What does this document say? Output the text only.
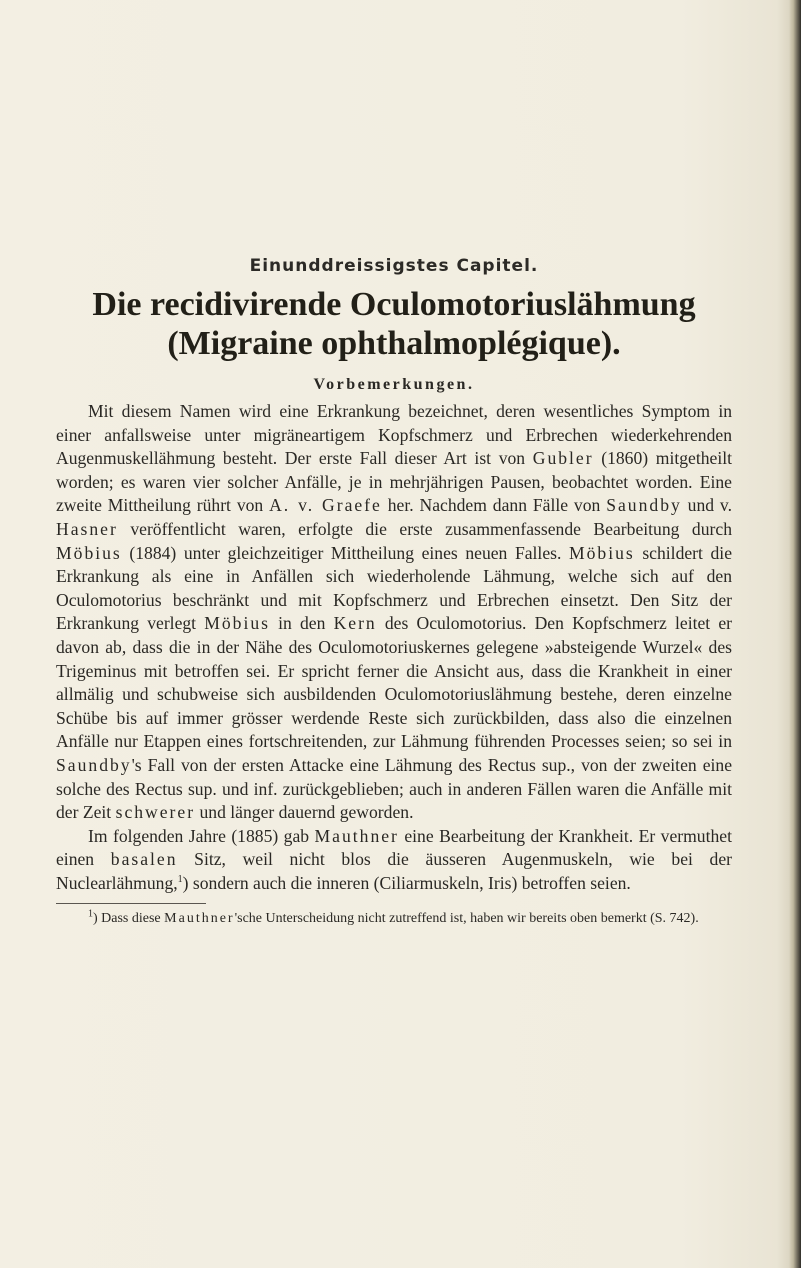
Einunddreissigstes Capitel.
Die recidivirende Oculomotoriuslähmung
(Migraine ophthalmoplégique).
Vorbemerkungen.

Mit diesem Namen wird eine Erkrankung bezeichnet, deren wesentliches Symptom in einer anfallsweise unter migräneartigem Kopfschmerz und Erbrechen wiederkehrenden Augenmuskellähmung besteht. Der erste Fall dieser Art ist von Gubler (1860) mitgetheilt worden; es waren vier solcher Anfälle, je in mehrjährigen Pausen, beobachtet worden. Eine zweite Mittheilung rührt von A. v. Graefe her. Nachdem dann Fälle von Saundby und v. Hasner veröffentlicht waren, erfolgte die erste zusammenfassende Bearbeitung durch Möbius (1884) unter gleichzeitiger Mittheilung eines neuen Falles. Möbius schildert die Erkrankung als eine in Anfällen sich wiederholende Lähmung, welche sich auf den Oculomotorius beschränkt und mit Kopfschmerz und Erbrechen einsetzt. Den Sitz der Erkrankung verlegt Möbius in den Kern des Oculomotorius. Den Kopfschmerz leitet er davon ab, dass die in der Nähe des Oculomotoriuskernes gelegene »absteigende Wurzel« des Trigeminus mit betroffen sei. Er spricht ferner die Ansicht aus, dass die Krankheit in einer allmälig und schubweise sich ausbildenden Oculomotoriuslähmung bestehe, deren einzelne Schübe bis auf immer grösser werdende Reste sich zurückbilden, dass also die einzelnen Anfälle nur Etappen eines fortschreitenden, zur Lähmung führenden Processes seien; so sei in Saundby's Fall von der ersten Attacke eine Lähmung des Rectus sup., von der zweiten eine solche des Rectus sup. und inf. zurückgeblieben; auch in anderen Fällen waren die Anfälle mit der Zeit schwerer und länger dauernd geworden.

Im folgenden Jahre (1885) gab Mauthner eine Bearbeitung der Krankheit. Er vermuthet einen basalen Sitz, weil nicht blos die äusseren Augenmuskeln, wie bei der Nuclearlähmung,$^1$) sondern auch die inneren (Ciliarmuskeln, Iris) betroffen seien.

$^1$) Dass diese Mauthner'sche Unterscheidung nicht zutreffend ist, haben wir bereits oben bemerkt (S. 742).
